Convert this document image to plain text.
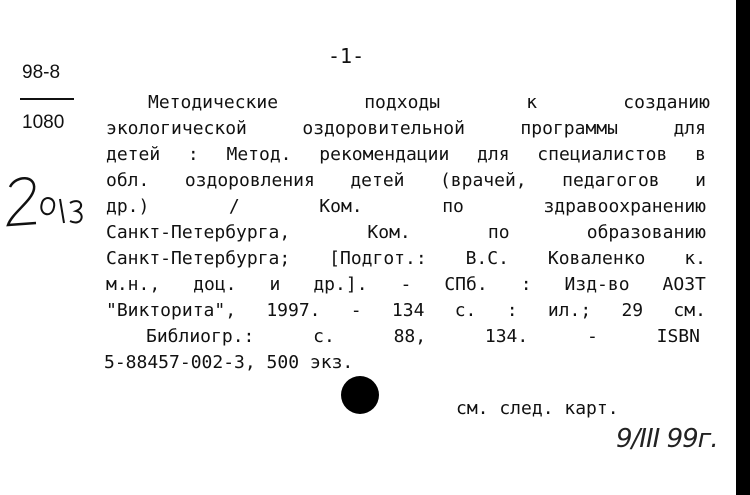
-1-
98-8
1080
Методические	подходы	к	созданию
экологической	оздоровительной	программы	для
детей : Метод. рекомендации для специалистов в
обл. оздоровления детей (врачей, педагогов и
др.)	/	Ком.	по	здравоохранению
Санкт-Петербурга,	Ком.	по	образованию
Санкт-Петербурга; [Подгот.: В.С. Коваленко к.
м.н., доц. и др.]. - СПб. : Изд-во АОЗТ
"Викторита", 1997. - 134 с. : ил.; 29 см.
Библиогр.:	с.	88,	134.	-	ISBN
5-88457-002-3, 500 экз.
см. след. карт.
9/III 99г.
